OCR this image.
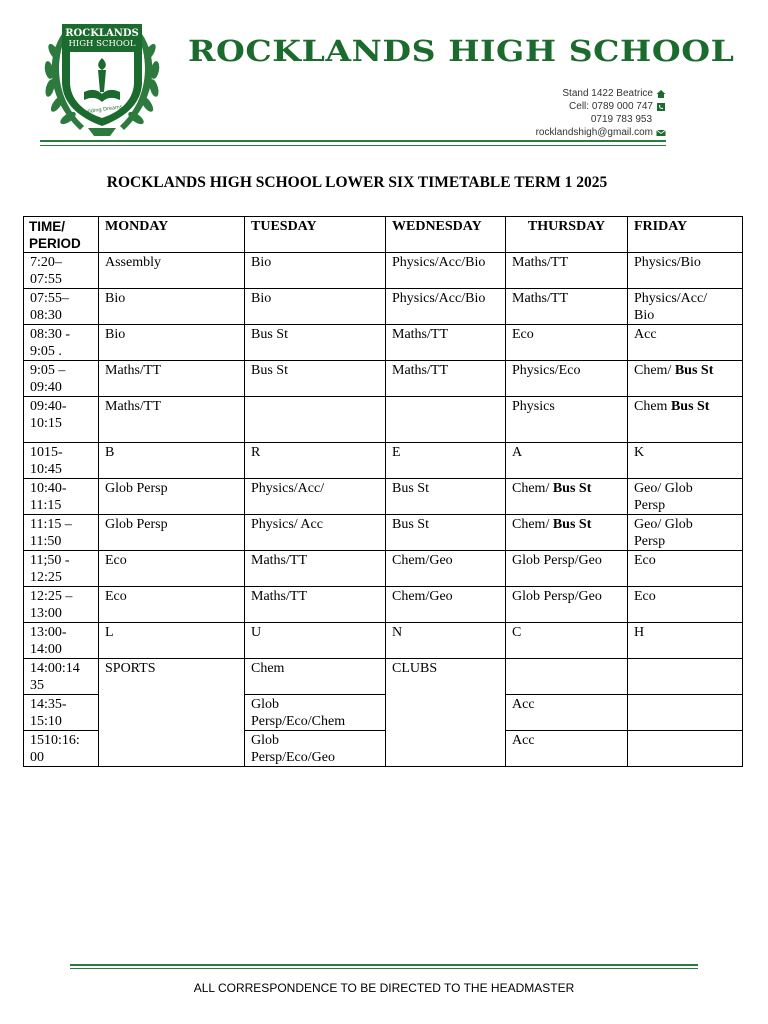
ROCKLANDS
HIGH SCHOOL
Building Dreams
ROCKLANDS HIGH SCHOOL
Stand 1422 Beatrice
Cell: 0789 000 747
0719 783 953
rocklandshigh@gmail.com
ROCKLANDS HIGH SCHOOL LOWER SIX TIMETABLE TERM 1 2025
TIME/
PERIOD	MONDAY	TUESDAY	WEDNESDAY	THURSDAY	FRIDAY
7:20–
07:55	Assembly	Bio	Physics/Acc/Bio	Maths/TT	Physics/Bio
07:55–
08:30	Bio	Bio	Physics/Acc/Bio	Maths/TT	Physics/Acc/
Bio
08:30 -
9:05 .	Bio	Bus St	Maths/TT	Eco	Acc
9:05 –
09:40	Maths/TT	Bus St	Maths/TT	Physics/Eco	Chem/ Bus St
09:40-
10:15	Maths/TT			Physics	Chem Bus St
1015-
10:45	B	R	E	A	K
10:40-
11:15	Glob Persp	Physics/Acc/	Bus St	Chem/ Bus St	Geo/ Glob
Persp
11:15 –
11:50	Glob Persp	Physics/ Acc	Bus St	Chem/ Bus St	Geo/ Glob
Persp
11;50 -
12:25	Eco	Maths/TT	Chem/Geo	Glob Persp/Geo	Eco
12:25 –
13:00	Eco	Maths/TT	Chem/Geo	Glob Persp/Geo	Eco
13:00-
14:00	L	U	N	C	H
14:00:14
35	SPORTS	Chem	CLUBS		
14:35-
15:10		Glob
Persp/Eco/Chem		Acc	
1510:16:
00		Glob
Persp/Eco/Geo		Acc	
ALL CORRESPONDENCE TO BE DIRECTED TO THE HEADMASTER
